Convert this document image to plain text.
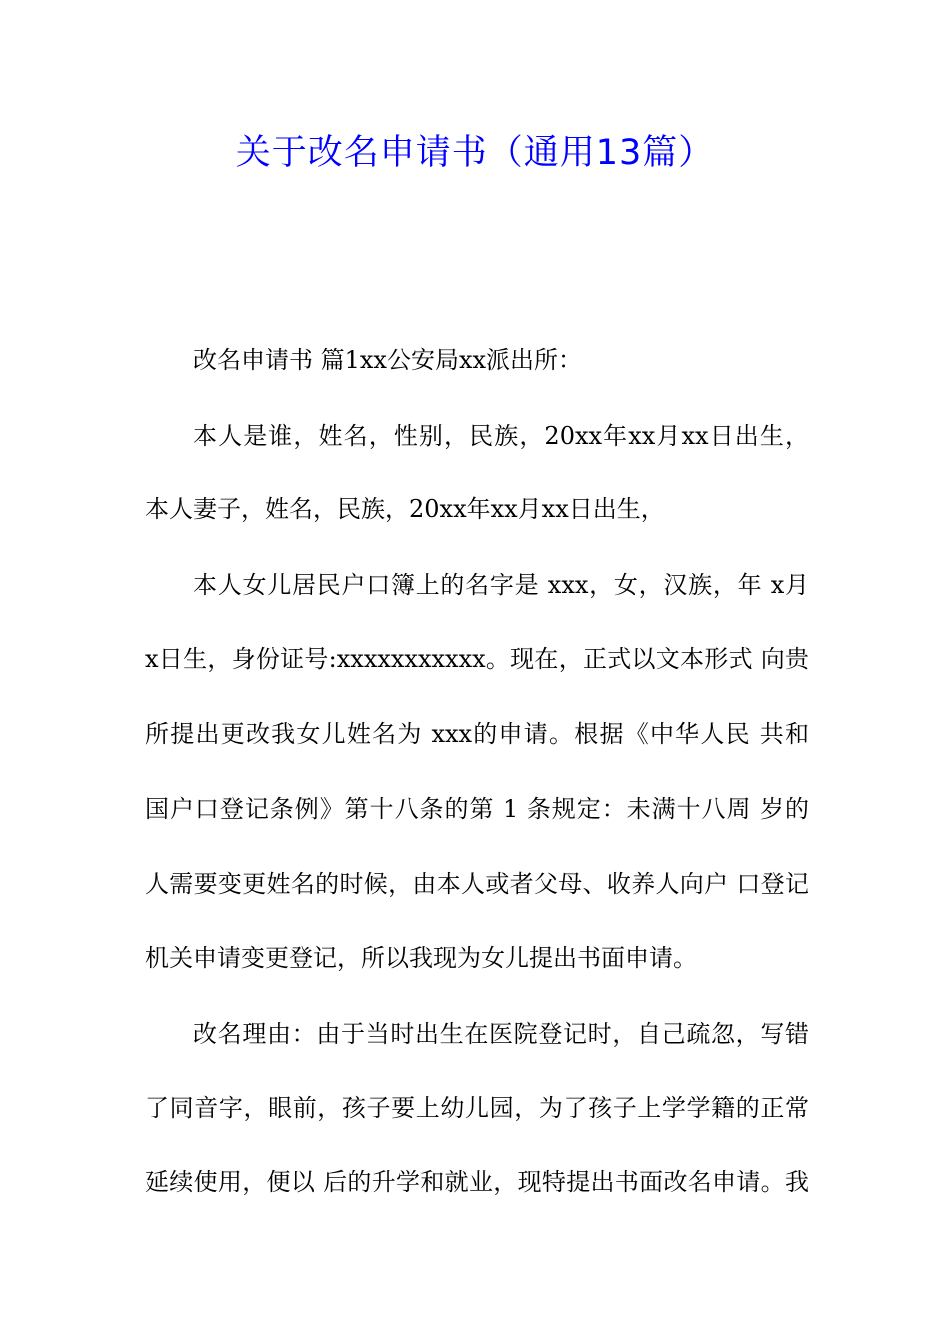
关于改名申请书（通用13篇）
改名申请书 篇1xx公安局xx派出所：
本人是谁，姓名，性别，民族，20xx年xx月xx日出生，
本人妻子，姓名，民族，20xx年xx月xx日出生，
本人女儿居民户口簿上的名字是 xxx，女，汉族，年 x月
x日生，身份证号:xxxxxxxxxxx。现在，正式以文本形式 向贵
所提出更改我女儿姓名为 xxx的申请。根据《中华人民 共和
国户口登记条例》第十八条的第 1 条规定：未满十八周 岁的
人需要变更姓名的时候，由本人或者父母、收养人向户 口登记
机关申请变更登记，所以我现为女儿提出书面申请。
改名理由：由于当时出生在医院登记时，自己疏忽，写错
了同音字，眼前，孩子要上幼儿园，为了孩子上学学籍的正常
延续使用，便以 后的升学和就业，现特提出书面改名申请。我
